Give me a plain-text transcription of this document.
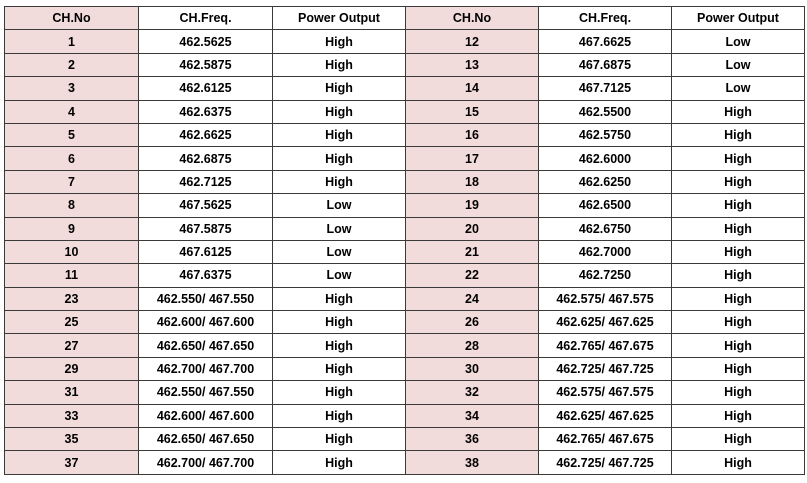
CH.No	CH.Freq.	Power Output	CH.No	CH.Freq.	Power Output
1	462.5625	High	12	467.6625	Low
2	462.5875	High	13	467.6875	Low
3	462.6125	High	14	467.7125	Low
4	462.6375	High	15	462.5500	High
5	462.6625	High	16	462.5750	High
6	462.6875	High	17	462.6000	High
7	462.7125	High	18	462.6250	High
8	467.5625	Low	19	462.6500	High
9	467.5875	Low	20	462.6750	High
10	467.6125	Low	21	462.7000	High
11	467.6375	Low	22	462.7250	High
23	462.550/ 467.550	High	24	462.575/ 467.575	High
25	462.600/ 467.600	High	26	462.625/ 467.625	High
27	462.650/ 467.650	High	28	462.765/ 467.675	High
29	462.700/ 467.700	High	30	462.725/ 467.725	High
31	462.550/ 467.550	High	32	462.575/ 467.575	High
33	462.600/ 467.600	High	34	462.625/ 467.625	High
35	462.650/ 467.650	High	36	462.765/ 467.675	High
37	462.700/ 467.700	High	38	462.725/ 467.725	High
